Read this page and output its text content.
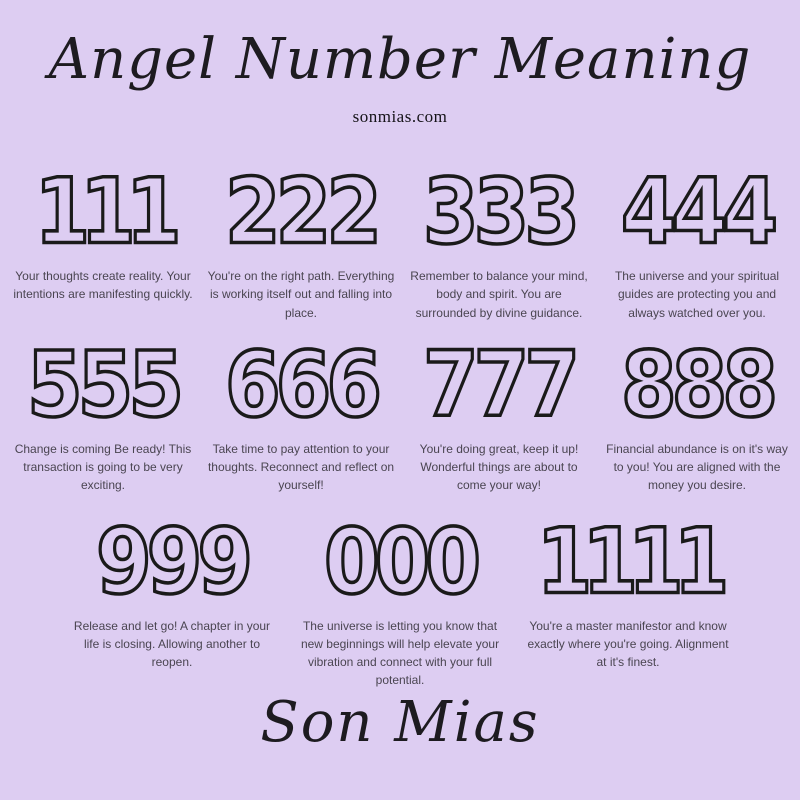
Angel Number Meaning
sonmias.com
111
Your thoughts create reality. Your intentions are manifesting quickly.
222
You're on the right path. Everything is working itself out and falling into place.
333
Remember to balance your mind, body and spirit. You are surrounded by divine guidance.
444
The universe and your spiritual guides are protecting you and always watched over you.
555
Change is coming Be ready! This transaction is going to be very exciting.
666
Take time to pay attention to your thoughts. Reconnect and reflect on yourself!
777
You're doing great, keep it up! Wonderful things are about to come your way!
888
Financial abundance is on it's way to you! You are aligned with the money you desire.
999
Release and let go! A chapter in your life is closing. Allowing another to reopen.
000
The universe is letting you know that new beginnings will help elevate your vibration and connect with your full potential.
1111
You're a master manifestor and know exactly where you're going. Alignment at it's finest.
Son Mias
